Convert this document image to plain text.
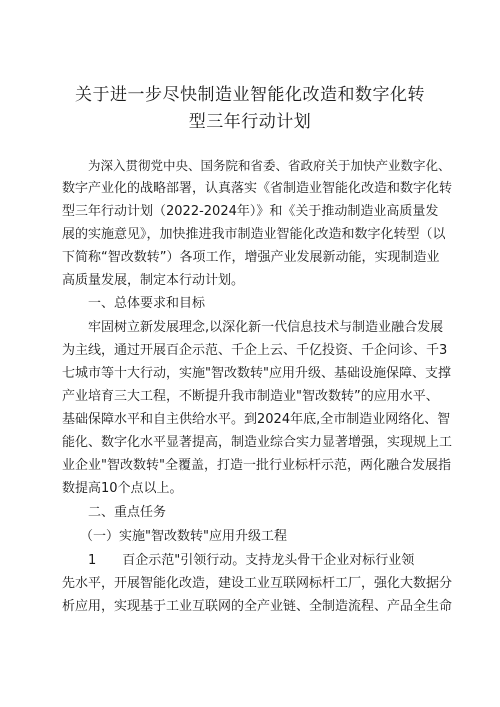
关于进一步尽快制造业智能化改造和数字化转
型三年行动计划
为深入贯彻党中央、国务院和省委、省政府关于加快产业数字化、
数字产业化的战略部署，认真落实《省制造业智能化改造和数字化转
型三年行动计划（2022-2024年）》和《关于推动制造业高质量发
展的实施意见》，加快推进我市制造业智能化改造和数字化转型（以
下简称“智改数转”）各项工作，增强产业发展新动能，实现制造业
高质量发展，制定本行动计划。
一、总体要求和目标
牢固树立新发展理念,以深化新一代信息技术与制造业融合发展
为主线，通过开展百企示范、千企上云、千亿投资、千企问诊、千3
七城市等十大行动，实施"智改数转"应用升级、基础设施保障、支撑
产业培育三大工程，不断提升我市制造业"智改数转”的应用水平、
基础保障水平和自主供给水平。到2024年底,全市制造业网络化、智
能化、数字化水平显著提高，制造业综合实力显著增强，实现规上工
业企业"智改数转"全覆盖，打造一批行业标杆示范，两化融合发展指
数提高10个点以上。
二、重点任务
（一）实施"智改数转"应用升级工程
1　　百企示范"引领行动。支持龙头骨干企业对标行业领
先水平，开展智能化改造，建设工业互联网标杆工厂，强化大数据分
析应用，实现基于工业互联网的全产业链、全制造流程、产品全生命
